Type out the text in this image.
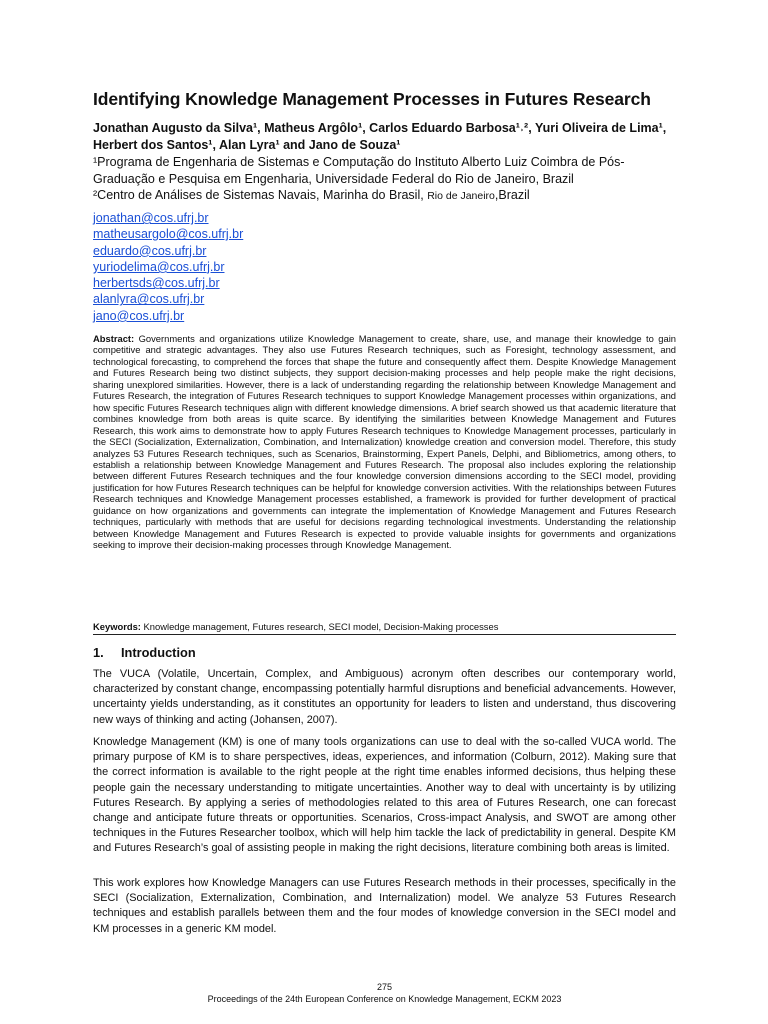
Identifying Knowledge Management Processes in Futures Research

Jonathan Augusto da Silva¹, Matheus Argôlo¹, Carlos Eduardo Barbosa¹˒², Yuri Oliveira de Lima¹, Herbert dos Santos¹, Alan Lyra¹ and Jano de Souza¹

¹Programa de Engenharia de Sistemas e Computação do Instituto Alberto Luiz Coimbra de Pós-Graduação e Pesquisa em Engenharia, Universidade Federal do Rio de Janeiro, Brazil

²Centro de Análises de Sistemas Navais, Marinha do Brasil, Rio de Janeiro,Brazil

jonathan@cos.ufrj.br
matheusargolo@cos.ufrj.br
eduardo@cos.ufrj.br
yuriodelima@cos.ufrj.br
herbertsds@cos.ufrj.br
alanlyra@cos.ufrj.br
jano@cos.ufrj.br

Abstract: Governments and organizations utilize Knowledge Management to create, share, use, and manage their knowledge to gain competitive and strategic advantages. They also use Futures Research techniques, such as Foresight, technology assessment, and technological forecasting, to comprehend the forces that shape the future and consequently affect them. Despite Knowledge Management and Futures Research being two distinct subjects, they support decision-making processes and help people make the right decisions, sharing unexplored similarities. However, there is a lack of understanding regarding the relationship between Knowledge Management and Futures Research, the integration of Futures Research techniques to support Knowledge Management processes within organizations, and how specific Futures Research techniques align with different knowledge dimensions. A brief search showed us that academic literature that combines knowledge from both areas is quite scarce. By identifying the similarities between Knowledge Management and Futures Research, this work aims to demonstrate how to apply Futures Research techniques to Knowledge Management processes, particularly in the SECI (Socialization, Externalization, Combination, and Internalization) knowledge creation and conversion model. Therefore, this study analyzes 53 Futures Research techniques, such as Scenarios, Brainstorming, Expert Panels, Delphi, and Bibliometrics, among others, to establish a relationship between Knowledge Management and Futures Research. The proposal also includes exploring the relationship between different Futures Research techniques and the four knowledge conversion dimensions according to the SECI model, providing justification for how Futures Research techniques can be helpful for knowledge conversion activities. With the relationships between Futures Research techniques and Knowledge Management processes established, a framework is provided for further development of practical guidance on how organizations and governments can integrate the implementation of Knowledge Management and Futures Research techniques, particularly with methods that are useful for decisions regarding technological investments. Understanding the relationship between Knowledge Management and Futures Research is expected to provide valuable insights for governments and organizations seeking to improve their decision-making processes through Knowledge Management.

Keywords: Knowledge management, Futures research, SECI model, Decision-Making processes

1. Introduction

The VUCA (Volatile, Uncertain, Complex, and Ambiguous) acronym often describes our contemporary world, characterized by constant change, encompassing potentially harmful disruptions and beneficial advancements. However, uncertainty yields understanding, as it constitutes an opportunity for leaders to listen and understand, thus discovering new ways of thinking and acting (Johansen, 2007).

Knowledge Management (KM) is one of many tools organizations can use to deal with the so-called VUCA world. The primary purpose of KM is to share perspectives, ideas, experiences, and information (Colburn, 2012). Making sure that the correct information is available to the right people at the right time enables informed decisions, thus helping these people gain the necessary understanding to mitigate uncertainties. Another way to deal with uncertainty is by utilizing Futures Research. By applying a series of methodologies related to this area of Futures Research, one can forecast change and anticipate future threats or opportunities. Scenarios, Cross-impact Analysis, and SWOT are among other techniques in the Futures Researcher toolbox, which will help him tackle the lack of predictability in general. Despite KM and Futures Research’s goal of assisting people in making the right decisions, literature combining both areas is limited.

This work explores how Knowledge Managers can use Futures Research methods in their processes, specifically in the SECI (Socialization, Externalization, Combination, and Internalization) model. We analyze 53 Futures Research techniques and establish parallels between them and the four modes of knowledge conversion in the SECI model and KM processes in a generic KM model.

275
Proceedings of the 24th European Conference on Knowledge Management, ECKM 2023
